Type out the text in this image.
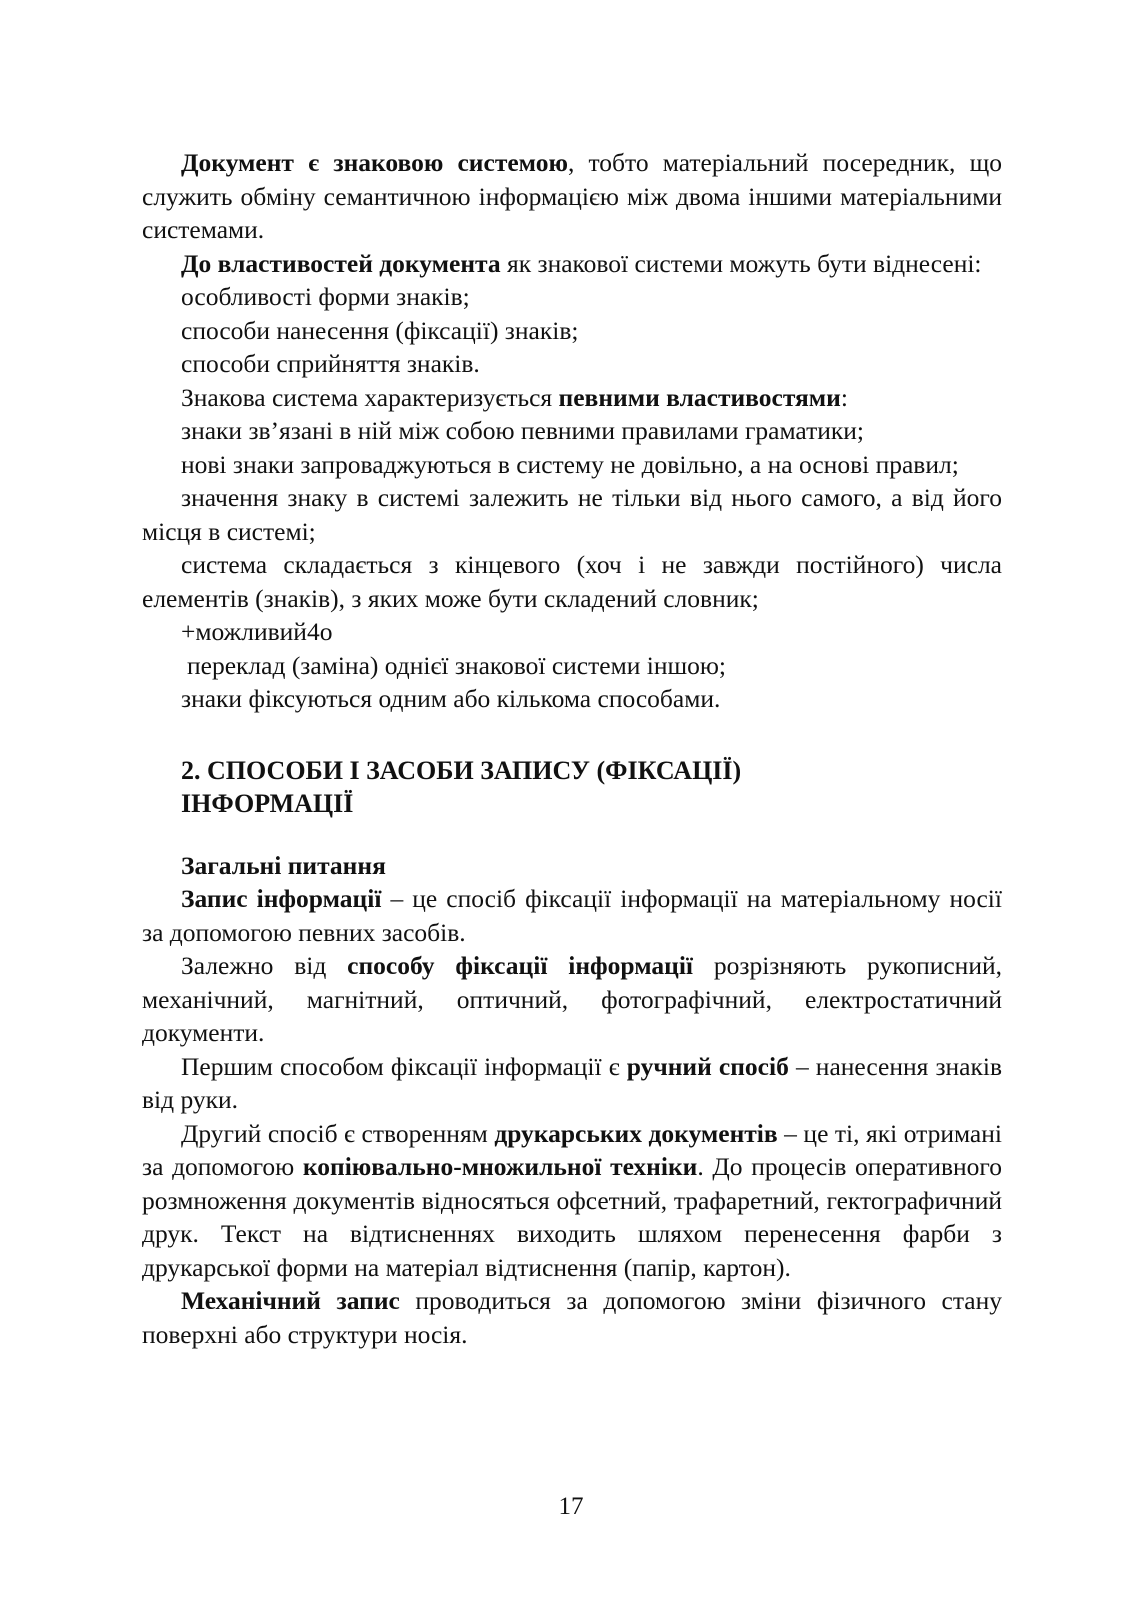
Документ є знаковою системою, тобто матеріальний посередник, що служить обміну семантичною інформацією між двома іншими матеріальними системами.

До властивостей документа як знакової системи можуть бути віднесені:

особливості форми знаків;

способи нанесення (фіксації) знаків;

способи сприйняття знаків.

Знакова система характеризується певними властивостями:

знаки зв’язані в ній між собою певними правилами граматики;

нові знаки запроваджуються в систему не довільно, а на основі правил;

значення знаку в системі залежить не тільки від нього самого, а від його місця в системі;

система складається з кінцевого (хоч і не завжди постійного) числа елементів (знаків), з яких може бути складений словник;

+можливий4о

переклад (заміна) однієї знакової системи іншою;

знаки фіксуються одним або кількома способами.

2. СПОСОБИ І ЗАСОБИ ЗАПИСУ (ФІКСАЦІЇ)
ІНФОРМАЦІЇ

Загальні питання

Запис інформації – це спосіб фіксації інформації на матеріальному носії за допомогою певних засобів.

Залежно від способу фіксації інформації розрізняють рукописний, механічний, магнітний, оптичний, фотографічний, електростатичний документи.

Першим способом фіксації інформації є ручний спосіб – нанесення знаків від руки.

Другий спосіб є створенням друкарських документів – це ті, які отримані за допомогою копіювально-множильної техніки. До процесів оперативного розмноження документів відносяться офсетний, трафаретний, гектографичний друк. Текст на відтисненнях виходить шляхом перенесення фарби з друкарської форми на матеріал відтиснення (папір, картон).

Механічний запис проводиться за допомогою зміни фізичного стану поверхні або структури носія.

17
